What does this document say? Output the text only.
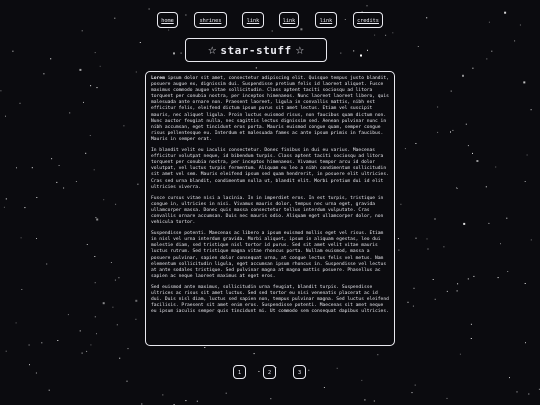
home	shrines	link	link	link	credits
☆ star-stuff ☆

Lorem ipsum dolor sit amet, consectetur adipiscing elit. Quisque tempus justo blandit, posuere augue ex, dignissim dui. Suspendisse pretium felis id laoreet aliquet. Fusce maximus commodo augue vitae sollicitudin. Class aptent taciti sociosqu ad litora torquent per conubia nostra, per inceptos himenaeos. Nunc laoreet laoreet libero, quis malesuada ante ornare non. Praesent laoreet, ligula in convallis mattis, nibh est efficitur felis, eleifend dictum ipsum purus sit amet lectus. Etiam vel suscipit mauris, nec aliquet ligula. Proin luctus euismod risus, non faucibus quam dictum non. Nunc auctor feugiat nulla, nec sagittis lectus dignissim sed. Aenean pulvinar nunc in nibh accumsan, eget tincidunt eros porta. Mauris euismod congue quam, semper congue risus pellentesque eu. Interdum et malesuada fames ac ante ipsum primis in faucibus. Mauris in semper erat.

In blandit velit eu iaculis consectetur. Donec finibus in dui eu varius. Maecenas efficitur volutpat neque, id bibendum turpis. Class aptent taciti sociosqu ad litora torquent per conubia nostra, per inceptos himenaeos. Vivamus tempor arcu id dolor volutpat, vel luctus turpis fermentum. Aliquam eu leo a nibh condimentum sollicitudin sit amet vel sem. Mauris eleifend ipsum sed quam hendrerit, in posuere elit ultricies. Cras sed urna blandit, condimentum nulla ut, blandit elit. Morbi pretium dui id elit ultricies viverra.

Fusce cursus vitae nisi a lacinia. In in imperdiet eros. In est turpis, tristique in congue in, ultricies in nisi. Vivamus mauris dolor, tempus nec urna eget, gravida ullamcorper massa. Donec quis massa consectetur tellus interdum vulputate. Cras convallis ornare accumsan. Duis nec mauris odio. Aliquam eget ullamcorper dolor, non vehicula tortor.

Suspendisse potenti. Maecenas ac libero a ipsum euismod mollis eget vel risus. Etiam in nisl vel urna interdum gravida. Morbi aliquet, ipsum in aliquam egestas, leo dui molestie diam, sed tristique nisl tortor id purus. Sed sit amet velit vitae mauris luctus rutrum. Sed tristique magna vitae rhoncus porta. Nullam euismod, massa a posuere pulvinar, sapien dolor consequat urna, at congue lectus felis vel metus. Nam elementum sollicitudin ligula, eget accumsan ipsum rhoncus in. Suspendisse vel lectus at ante sodales tristique. Sed pulvinar magna at magna mattis posuere. Phasellus ac sapien ac neque laoreet maximus at eget eros.

Sed euismod ante maximus, sollicitudin urna feugiat, blandit turpis. Suspendisse ultrices ac risus sit amet luctus. Sed sed tortor eu nisi venenatis placerat ac id dui. Duis nisl diam, luctus sed sapien non, tempus pulvinar magna. Sed luctus eleifend facilisis. Praesent sit amet enim eros. Suspendisse potenti. Maecenas sit amet neque eu ipsum iaculis semper quis tincidunt mi. Ut commodo sem consequat dapibus ultricies.

1	2	3
